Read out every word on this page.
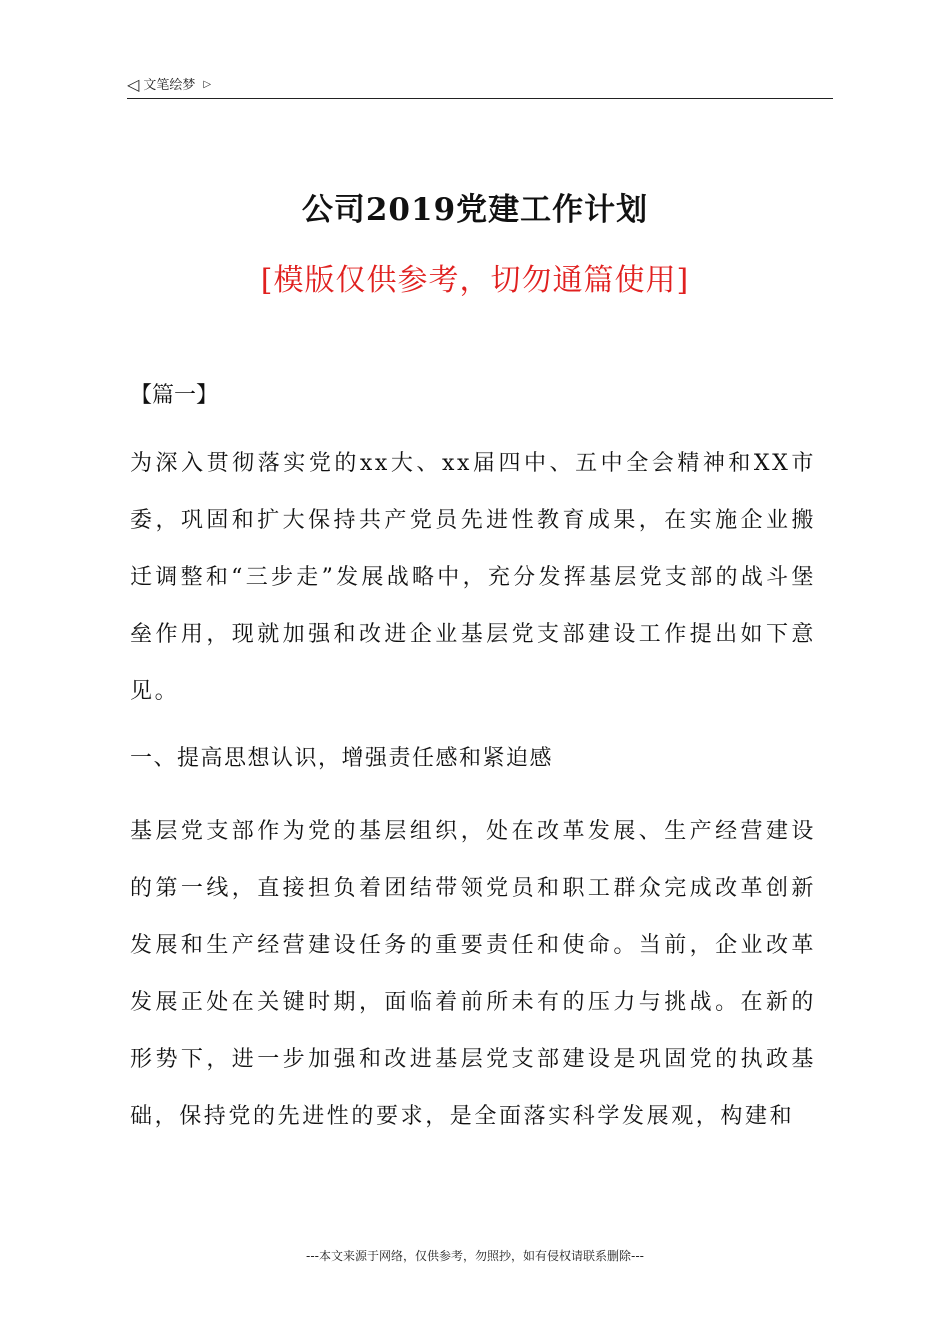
◁ 文笔绘梦 ▷
公司2019党建工作计划
[模版仅供参考，切勿通篇使用]
【篇一】

为深入贯彻落实党的xx大、xx届四中、五中全会精神和XX市委，巩固和扩大保持共产党员先进性教育成果，在实施企业搬迁调整和“三步走”发展战略中，充分发挥基层党支部的战斗堡垒作用，现就加强和改进企业基层党支部建设工作提出如下意见。

一、提高思想认识，增强责任感和紧迫感

基层党支部作为党的基层组织，处在改革发展、生产经营建设的第一线，直接担负着团结带领党员和职工群众完成改革创新发展和生产经营建设任务的重要责任和使命。当前，企业改革发展正处在关键时期，面临着前所未有的压力与挑战。在新的形势下，进一步加强和改进基层党支部建设是巩固党的执政基础，保持党的先进性的要求，是全面落实科学发展观，构建和

---本文来源于网络，仅供参考，勿照抄，如有侵权请联系删除---
